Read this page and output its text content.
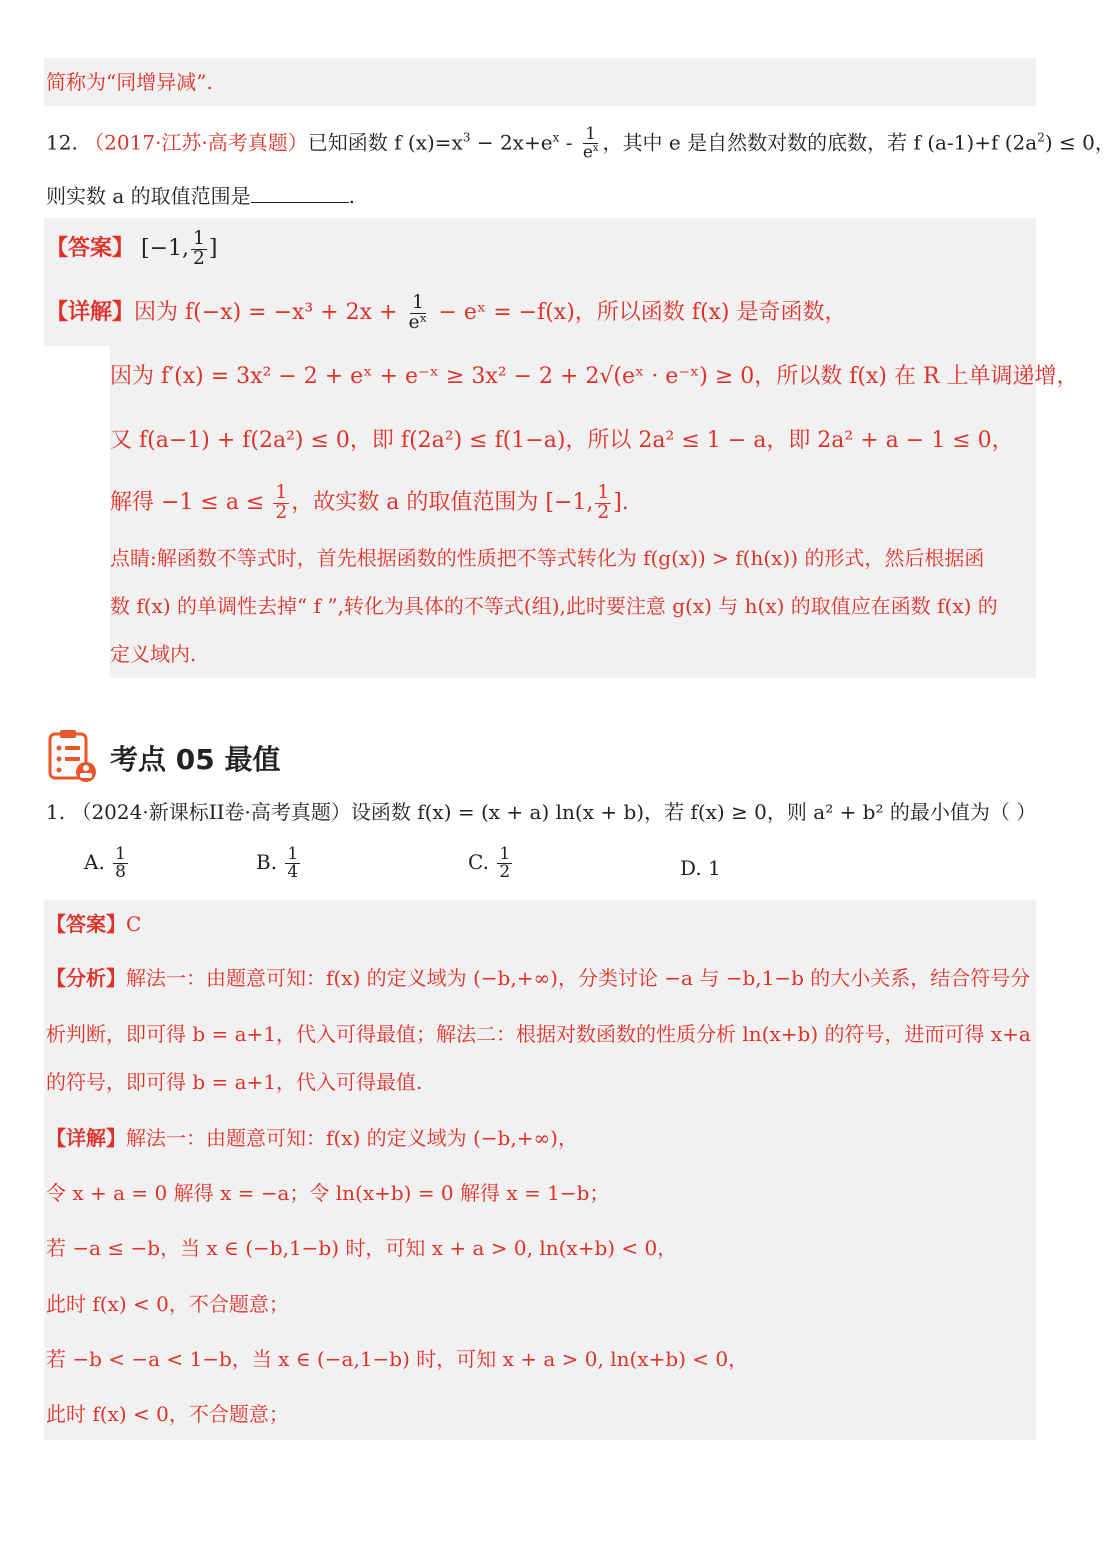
简称为“同增异减”.
12. （2017·江苏·高考真题）已知函数 f $(x)=x^3 - 2x+e^x - \frac{1}{e^x}$ ，其中 e 是自然数对数的底数，若 f (a-1)+f $(2a^2) \le 0$，
则实数 a 的取值范围是	.
【答案】 [−1, $\frac{1}{2}$ ]
【详解】因为 $f(-x) = -x^3 + 2x + \frac{1}{\text{eˣ}}$ − eˣ = −f(x)，所以函数 f(x) 是奇函数，
因为 f′(x) = 3x² − 2 + eˣ + e⁻ˣ ≥ 3x² − 2 + 2√(eˣ · e⁻ˣ) ≥ 0，所以数 f(x) 在 R 上单调递增，
又 f(a−1) + f(2a²) ≤ 0，即 f(2a²) ≤ f(1−a)，所以 2a² ≤ 1 − a，即 2a² + a − 1 ≤ 0，
解得 $-1 \le a \le \frac{1}{2}$ ，故实数 a 的取值范围为 [−1, $\frac{1}{2}$ ].
点睛:解函数不等式时，首先根据函数的性质把不等式转化为 f(g(x)) > f(h(x)) 的形式，然后根据函
数 f(x) 的单调性去掉“ f ”,转化为具体的不等式(组),此时要注意 g(x) 与 h(x) 的取值应在函数 f(x) 的
定义域内.
考点 05 最值
1. （2024·新课标II卷·高考真题）设函数 f(x) = (x + a) ln(x + b)，若 f(x) ≥ 0，则 a² + b² 的最小值为（ ）
A. $\frac{1}{8}$	B. $\frac{1}{4}$	C. $\frac{1}{2}$	D. 1
【答案】C
【分析】解法一：由题意可知：f(x) 的定义域为 (−b,+∞)，分类讨论 −a 与 −b,1−b 的大小关系，结合符号分
析判断，即可得 b = a+1，代入可得最值；解法二：根据对数函数的性质分析 ln(x+b) 的符号，进而可得 x+a
的符号，即可得 b = a+1，代入可得最值.
【详解】解法一：由题意可知：f(x) 的定义域为 (−b,+∞)，
令 x + a = 0 解得 x = −a；令 ln(x+b) = 0 解得 x = 1−b；
若 −a ≤ −b，当 x ∈ (−b,1−b) 时，可知 x + a > 0, ln(x+b) < 0，
此时 f(x) < 0，不合题意；
若 −b < −a < 1−b，当 x ∈ (−a,1−b) 时，可知 x + a > 0, ln(x+b) < 0，
此时 f(x) < 0，不合题意；
